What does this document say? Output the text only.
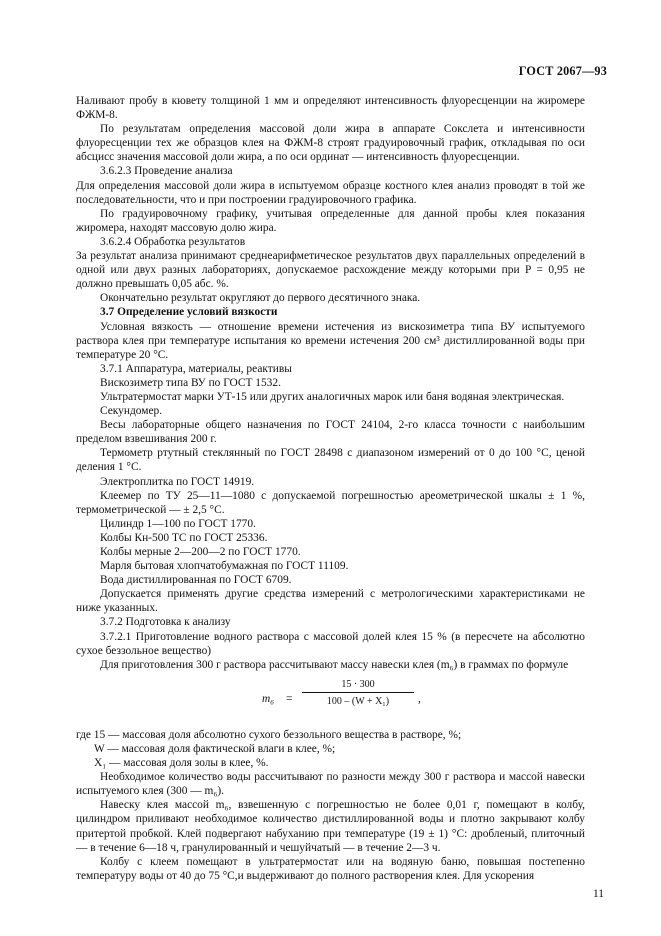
ГОСТ 2067—93

Наливают пробу в кювету толщиной 1 мм и определяют интенсивность флуоресценции на жиромере ФЖМ-8.

По результатам определения массовой доли жира в аппарате Сокслета и интенсивности флуоресценции тех же образцов клея на ФЖМ-8 строят градуировочный график, откладывая по оси абсцисс значения массовой доли жира, а по оси ординат — интенсивность флуоресценции.

3.6.2.3 Проведение анализа

Для определения массовой доли жира в испытуемом образце костного клея анализ проводят в той же последовательности, что и при построении градуировочного графика.

По градуировочному графику, учитывая определенные для данной пробы клея показания жиромера, находят массовую долю жира.

3.6.2.4 Обработка результатов

За результат анализа принимают среднеарифметическое результатов двух параллельных определений в одной или двух разных лабораториях, допускаемое расхождение между которыми при P = 0,95 не должно превышать 0,05 абс. %.

Окончательно результат округляют до первого десятичного знака.

3.7 Определение условий вязкости

Условная вязкость — отношение времени истечения из вискозиметра типа ВУ испытуемого раствора клея при температуре испытания ко времени истечения 200 см³ дистиллированной воды при температуре 20 °С.

3.7.1 Аппаратура, материалы, реактивы

Вискозиметр типа ВУ по ГОСТ 1532.

Ультратермостат марки УТ-15 или других аналогичных марок или баня водяная электрическая.

Секундомер.

Весы лабораторные общего назначения по ГОСТ 24104, 2-го класса точности с наибольшим пределом взвешивания 200 г.

Термометр ртутный стеклянный по ГОСТ 28498 с диапазоном измерений от 0 до 100 °С, ценой деления 1 °С.

Электроплитка по ГОСТ 14919.

Клеемер по ТУ 25—11—1080 с допускаемой погрешностью ареометрической шкалы ± 1 %, термометрической — ± 2,5 °С.

Цилиндр 1—100 по ГОСТ 1770.

Колбы Кн-500 ТС по ГОСТ 25336.

Колбы мерные 2—200—2 по ГОСТ 1770.

Марля бытовая хлопчатобумажная по ГОСТ 11109.

Вода дистиллированная по ГОСТ 6709.

Допускается применять другие средства измерений с метрологическими характеристиками не ниже указанных.

3.7.2 Подготовка к анализу

3.7.2.1 Приготовление водного раствора с массовой долей клея 15 % (в пересчете на абсолютно сухое беззольное вещество)

Для приготовления 300 г раствора рассчитывают массу навески клея (m₆) в граммах по формуле

$m_6 = \frac{15 \cdot 300}{\text{100 – (W + X₁)}}$ ,

где 15 — массовая доля абсолютно сухого беззольного вещества в растворе, %;

W — массовая доля фактической влаги в клее, %;

X₁ — массовая доля золы в клее, %.

Необходимое количество воды рассчитывают по разности между 300 г раствора и массой навески испытуемого клея (300 — m₆).

Навеску клея массой m₆, взвешенную с погрешностью не более 0,01 г, помещают в колбу, цилиндром приливают необходимое количество дистиллированной воды и плотно закрывают колбу притертой пробкой. Клей подвергают набуханию при температуре (19 ± 1) °С: дробленый, плиточный — в течение 6—18 ч, гранулированный и чешуйчатый — в течение 2—3 ч.

Колбу с клеем помещают в ультратермостат или на водяную баню, повышая постепенно температуру воды от 40 до 75 °С,и выдерживают до полного растворения клея. Для ускорения

11
